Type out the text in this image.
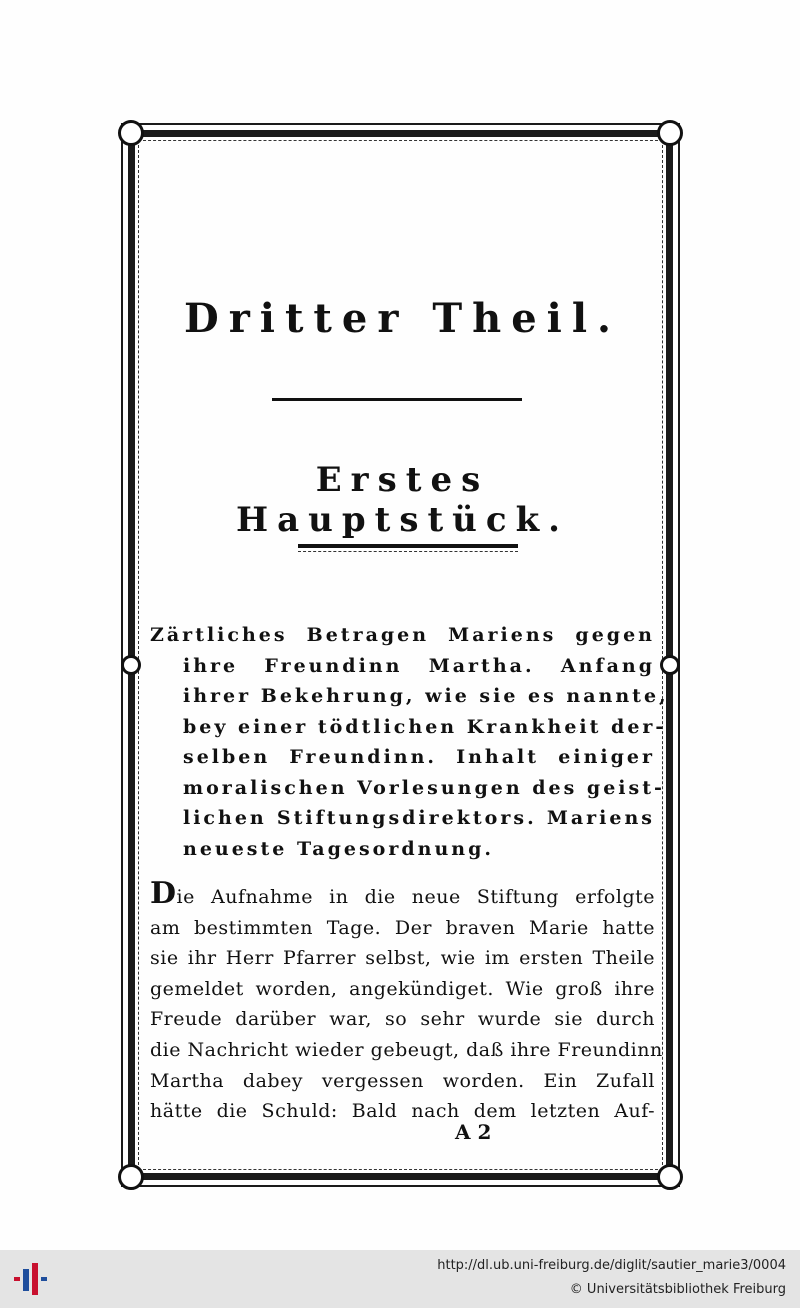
Dritter Theil.
Erstes Hauptstück.

Zärtliches Betragen Mariens gegen
ihre Freundinn Martha. Anfang
ihrer Bekehrung, wie sie es nannte,
bey einer tödtlichen Krankheit der-
selben Freundinn. Inhalt einiger
moralischen Vorlesungen des geist-
lichen Stiftungsdirektors. Mariens
neueste Tagesordnung.

Die Aufnahme in die neue Stiftung erfolgte
am bestimmten Tage. Der braven Marie hatte
sie ihr Herr Pfarrer selbst, wie im ersten Theile
gemeldet worden, angekündiget. Wie groß ihre
Freude darüber war, so sehr wurde sie durch
die Nachricht wieder gebeugt, daß ihre Freundinn
Martha dabey vergessen worden. Ein Zufall
hätte die Schuld: Bald nach dem letzten Auf-

A 2
http://dl.ub.uni-freiburg.de/diglit/sautier_marie3/0004
© Universitätsbibliothek Freiburg
